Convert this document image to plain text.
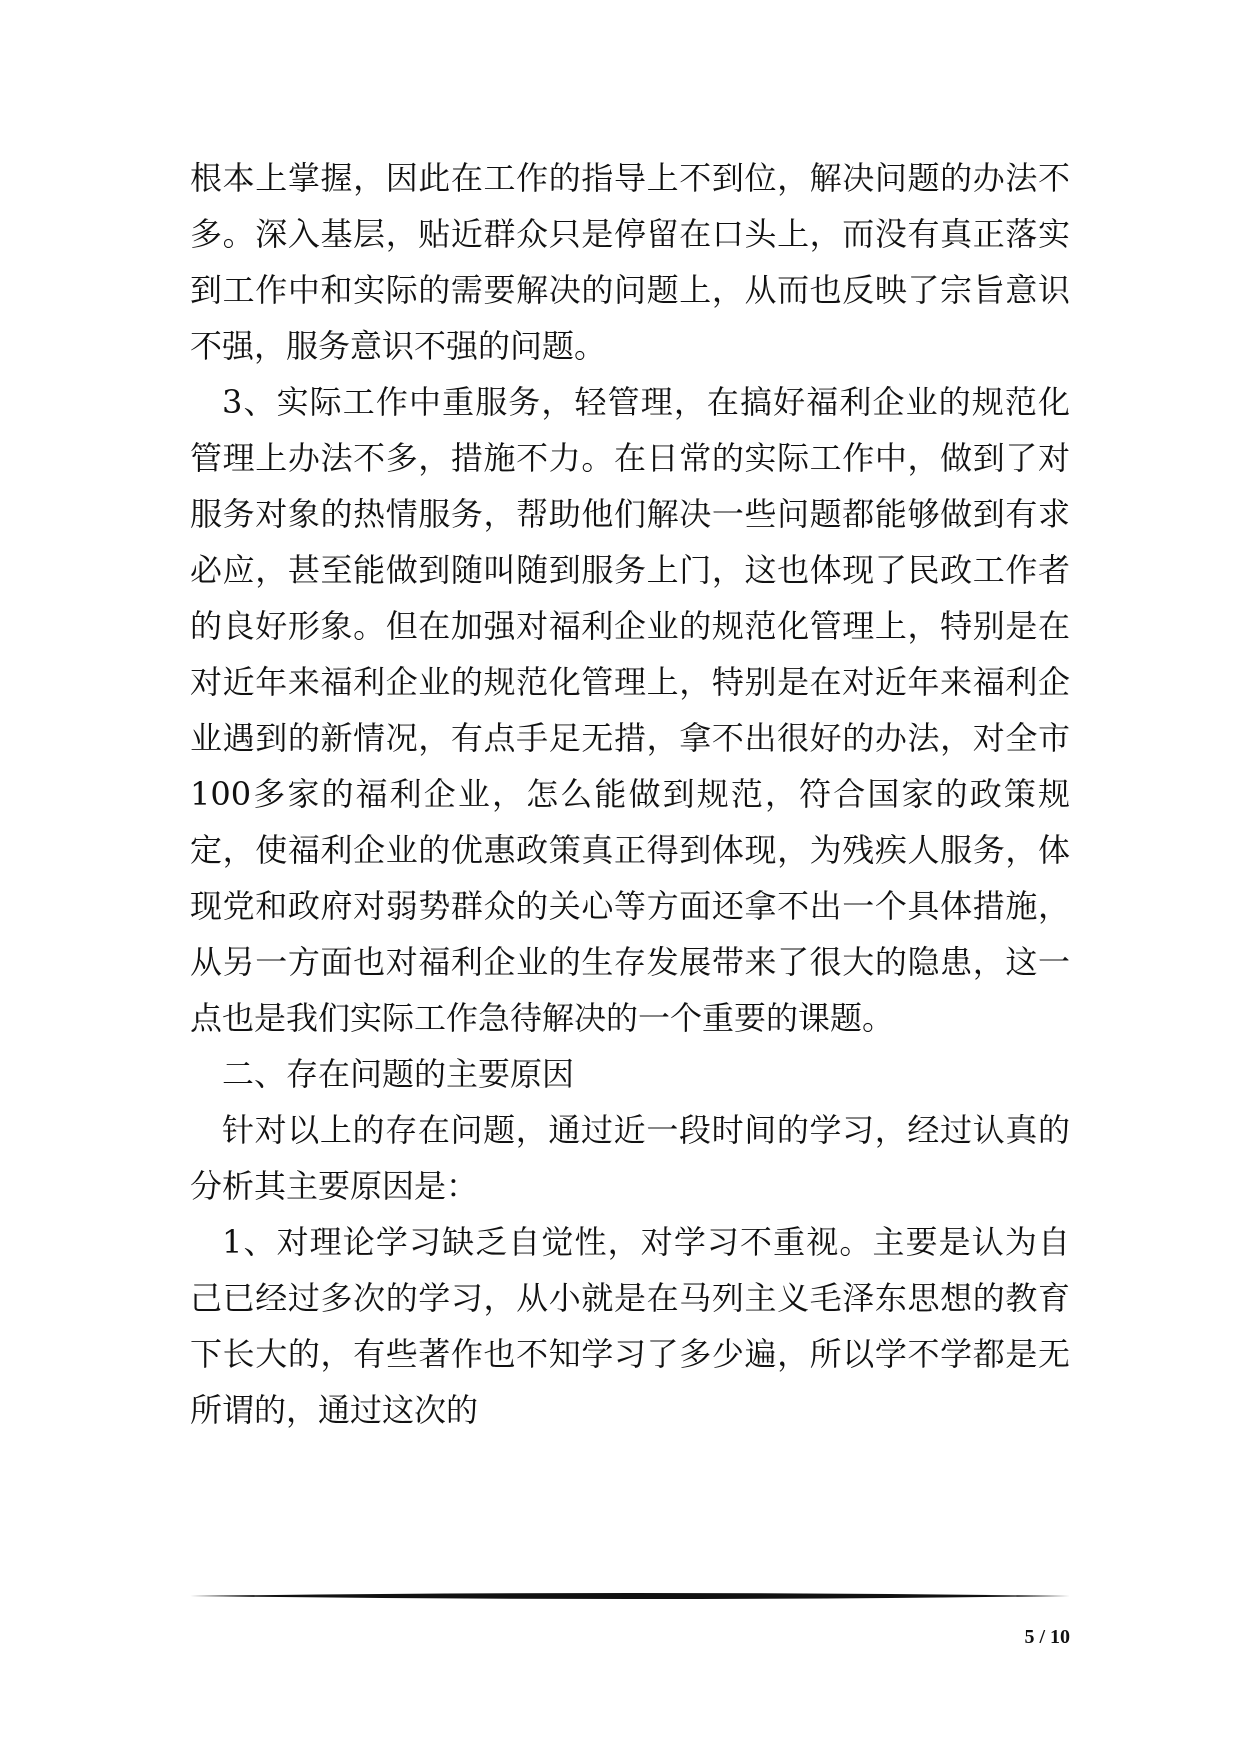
根本上掌握，因此在工作的指导上不到位，解决问题的办法不多。深入基层，贴近群众只是停留在口头上，而没有真正落实到工作中和实际的需要解决的问题上，从而也反映了宗旨意识不强，服务意识不强的问题。

3、实际工作中重服务，轻管理，在搞好福利企业的规范化管理上办法不多，措施不力。在日常的实际工作中，做到了对服务对象的热情服务，帮助他们解决一些问题都能够做到有求必应，甚至能做到随叫随到服务上门，这也体现了民政工作者的良好形象。但在加强对福利企业的规范化管理上，特别是在对近年来福利企业的规范化管理上，特别是在对近年来福利企业遇到的新情况，有点手足无措，拿不出很好的办法，对全市100多家的福利企业，怎么能做到规范，符合国家的政策规定，使福利企业的优惠政策真正得到体现，为残疾人服务，体现党和政府对弱势群众的关心等方面还拿不出一个具体措施，从另一方面也对福利企业的生存发展带来了很大的隐患，这一点也是我们实际工作急待解决的一个重要的课题。

二、存在问题的主要原因

针对以上的存在问题，通过近一段时间的学习，经过认真的分析其主要原因是：

1、对理论学习缺乏自觉性，对学习不重视。主要是认为自己已经过多次的学习，从小就是在马列主义毛泽东思想的教育下长大的，有些著作也不知学习了多少遍，所以学不学都是无所谓的，通过这次的

5 / 10
